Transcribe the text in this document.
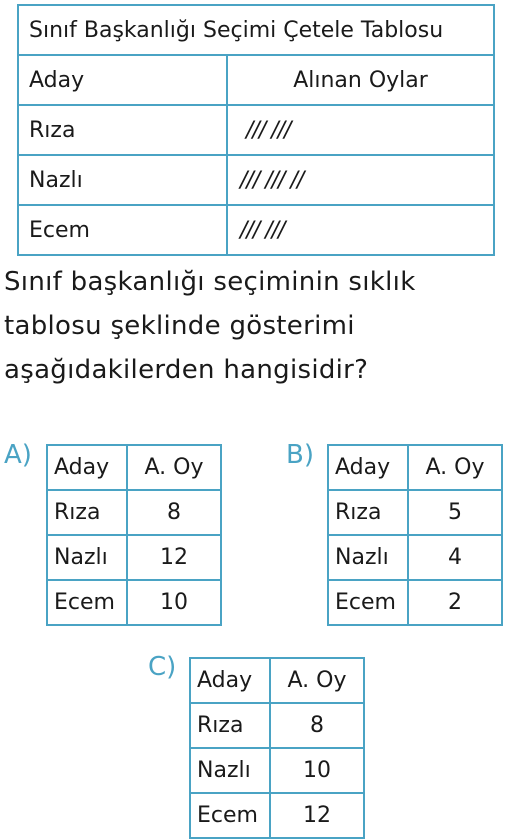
Sınıf Başkanlığı Seçimi Çetele Tablosu	
Aday	Alınan Oylar
Rıza	/// ///
Nazlı	/// /// //
Ecem	/// ///
Sınıf başkanlığı seçiminin sıklık tablosu şeklinde gösterimi aşağıdakilerden hangisidir?
A) Aday	A. Oy
Rıza	8
Nazlı	12
Ecem	10
B) Aday	A. Oy
Rıza	5
Nazlı	4
Ecem	2
C) Aday	A. Oy
Rıza	8
Nazlı	10
Ecem	12
